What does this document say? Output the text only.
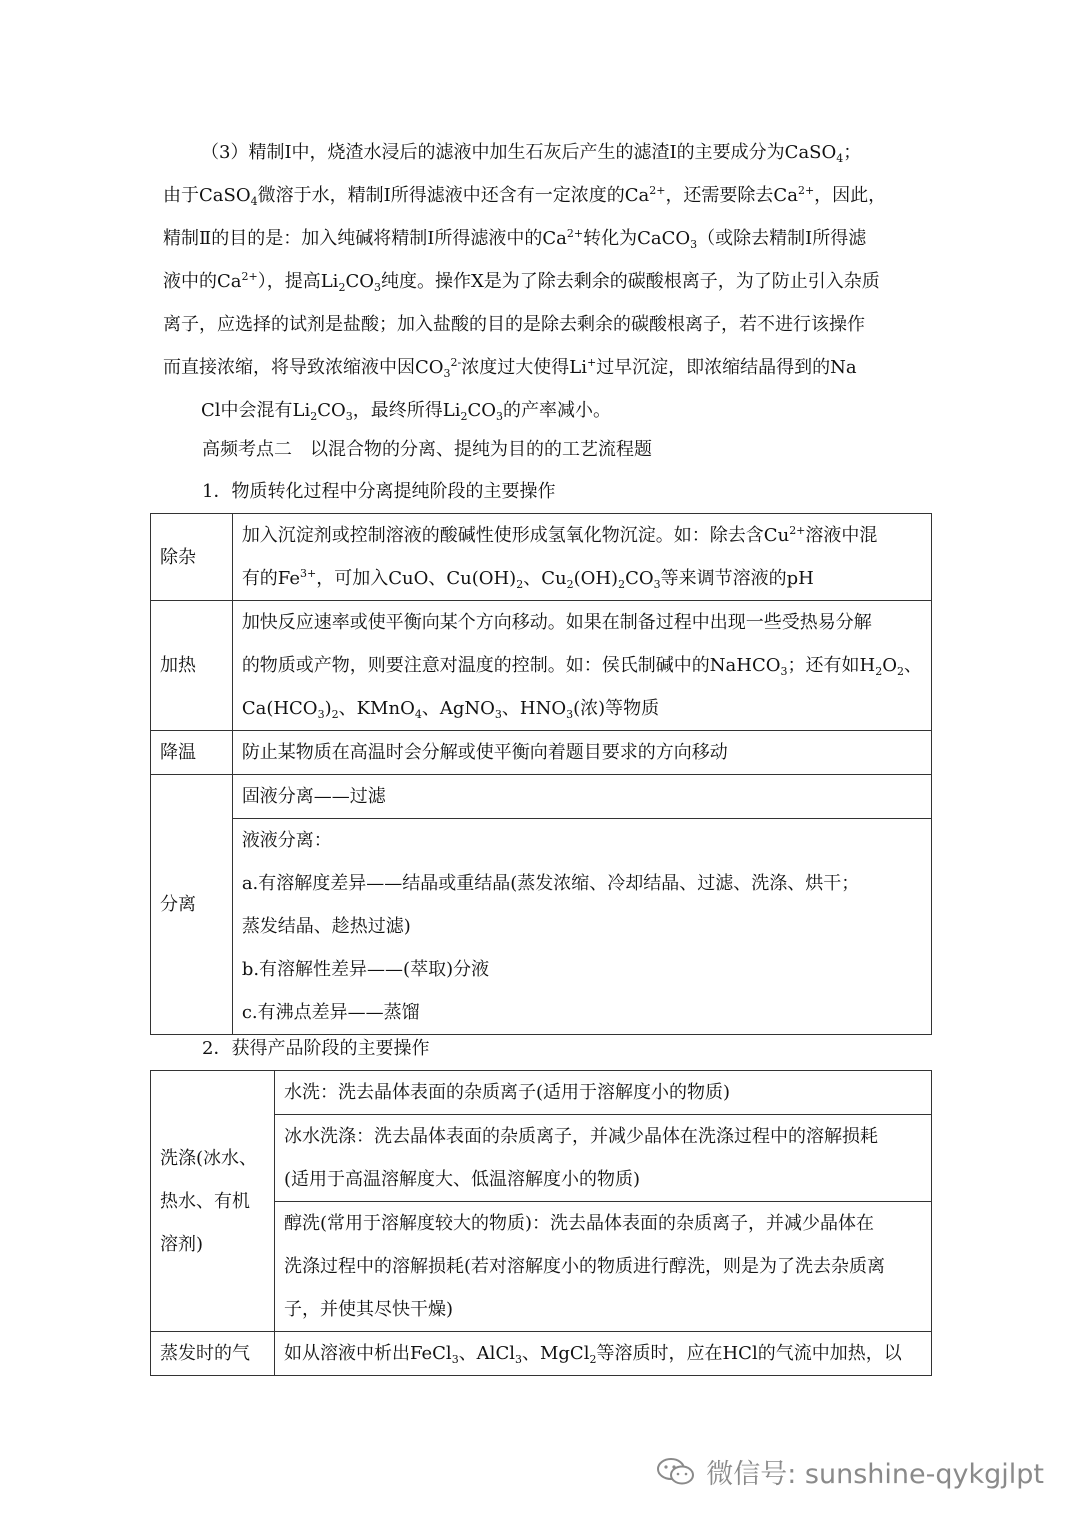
（3）精制Ⅰ中，烧渣水浸后的滤液中加生石灰后产生的滤渣Ⅰ的主要成分为CaSO$_4$；
由于CaSO$_4$微溶于水，精制Ⅰ所得滤液中还含有一定浓度的$Ca^{2+}$，还需要除去$Ca^{2+}$，因此，
精制Ⅱ的目的是：加入纯碱将精制Ⅰ所得滤液中的$Ca^{2+}$转化为CaCO$_3$（或除去精制Ⅰ所得滤
液中的$Ca^{2+}$），提高$Li_2CO_3$纯度。操作X是为了除去剩余的碳酸根离子，为了防止引入杂质
离子，应选择的试剂是盐酸；加入盐酸的目的是除去剩余的碳酸根离子，若不进行该操作
而直接浓缩，将导致浓缩液中因$CO_3^{2-}$浓度过大使得Li+过早沉淀，即浓缩结晶得到的Na
Cl中会混有$Li_2CO_3$，最终所得$Li_2CO_3$的产率减小。
高频考点二　以混合物的分离、提纯为目的的工艺流程题
1．物质转化过程中分离提纯阶段的主要操作
除杂	加入沉淀剂或控制溶液的酸碱性使形成氢氧化物沉淀。如：除去含$Cu^{2+}$溶液中混
有的$Fe^{3+}$，可加入CuO、$Cu(OH)_2$、$Cu_2(OH)_2CO_3$等来调节溶液的pH

加热	加快反应速率或使平衡向某个方向移动。如果在制备过程中出现一些受热易分解
的物质或产物，则要注意对温度的控制。如：侯氏制碱中的NaHCO$_3$；还有如$H_2O_2$、
$Ca(HCO_3)_2$、KMnO$_4$、AgNO$_3$、$HNO_3$(浓)等物质

降温	防止某物质在高温时会分解或使平衡向着题目要求的方向移动

分离	固液分离——过滤

	液液分离：
a.有溶解度差异——结晶或重结晶(蒸发浓缩、冷却结晶、过滤、洗涤、烘干；
蒸发结晶、趁热过滤)
b.有溶解性差异——(萃取)分液
c.有沸点差异——蒸馏
2．获得产品阶段的主要操作
洗涤(冰水、
热水、有机
溶剂)	水洗：洗去晶体表面的杂质离子(适用于溶解度小的物质)

	冰水洗涤：洗去晶体表面的杂质离子，并减少晶体在洗涤过程中的溶解损耗
(适用于高温溶解度大、低温溶解度小的物质)

	醇洗(常用于溶解度较大的物质)：洗去晶体表面的杂质离子，并减少晶体在
洗涤过程中的溶解损耗(若对溶解度小的物质进行醇洗，则是为了洗去杂质离
子，并使其尽快干燥)

蒸发时的气	如从溶液中析出FeCl$_3$、AlCl$_3$、MgCl$_2$等溶质时，应在HCl的气流中加热，以
微信号: sunshine-qykgjlpt
